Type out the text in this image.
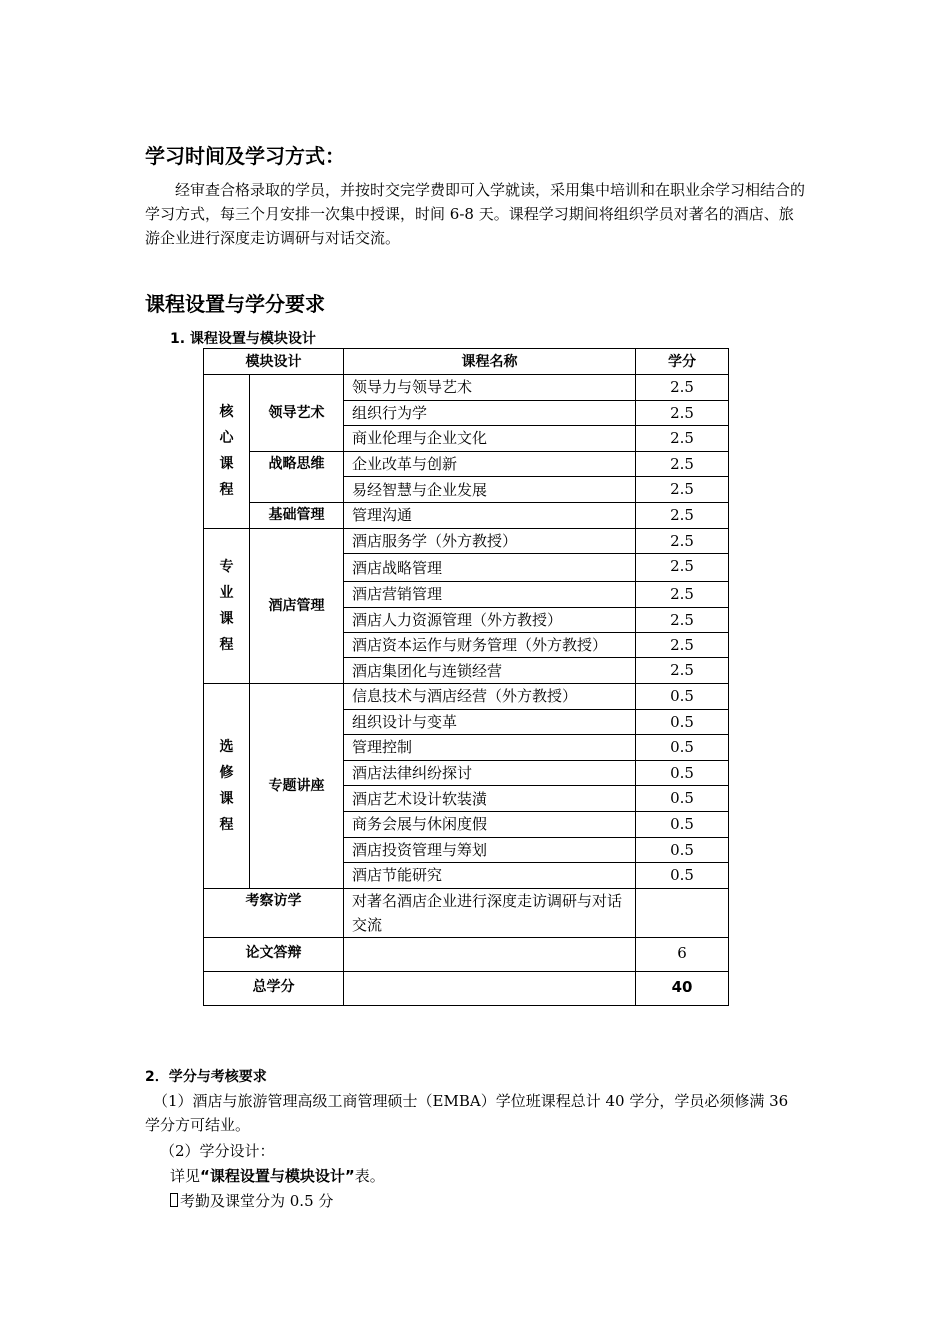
学习时间及学习方式：

经审查合格录取的学员，并按时交完学费即可入学就读，采用集中培训和在职业余学习相结合的学习方式，每三个月安排一次集中授课，时间 6-8 天。课程学习期间将组织学员对著名的酒店、旅游企业进行深度走访调研与对话交流。

课程设置与学分要求
1. 课程设置与模块设计
模块设计		课程名称	学分

核
心
课
程	领导艺术	领导力与领导艺术	2.5
		组织行为学	2.5
		商业伦理与企业文化	2.5
	战略思维	企业改革与创新	2.5
		易经智慧与企业发展	2.5
	基础管理	管理沟通	2.5

专
业
课
程	酒店管理	酒店服务学（外方教授）	2.5
		酒店战略管理	2.5
		酒店营销管理	2.5
		酒店人力资源管理（外方教授）	2.5
		酒店资本运作与财务管理（外方教授）	2.5
		酒店集团化与连锁经营	2.5

选
修
课
程	专题讲座	信息技术与酒店经营（外方教授）	0.5
		组织设计与变革	0.5
		管理控制	0.5
		酒店法律纠纷探讨	0.5
		酒店艺术设计软装潢	0.5
		商务会展与休闲度假	0.5
		酒店投资管理与筹划	0.5
		酒店节能研究	0.5
考察访学		对著名酒店企业进行深度走访调研与对话交流	
论文答辩			6
总学分			40
2．学分与考核要求

（1）酒店与旅游管理高级工商管理硕士（EMBA）学位班课程总计 40 学分，学员必须修满 36 学分方可结业。

（2）学分设计：

详见“课程设置与模块设计”表。

考勤及课堂分为 0.5 分
